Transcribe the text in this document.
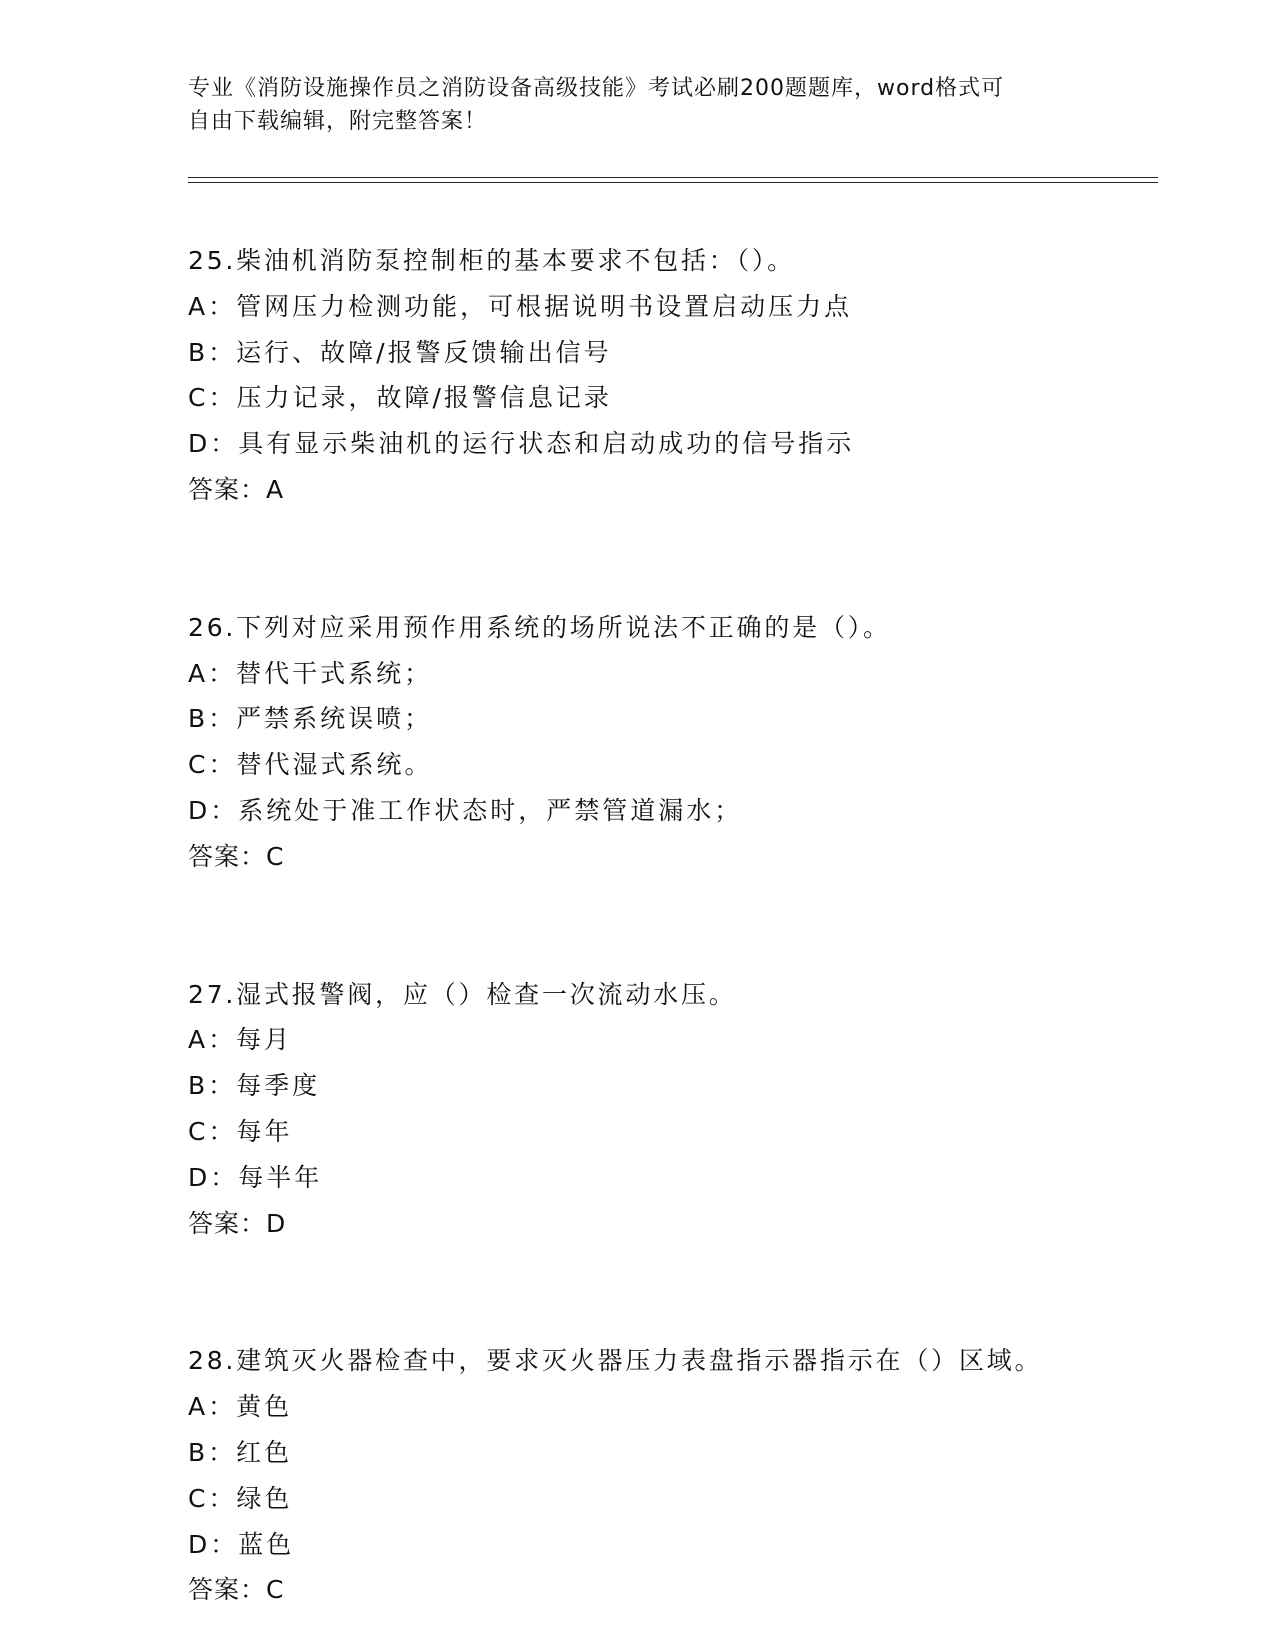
专业《消防设施操作员之消防设备高级技能》考试必刷200题题库，word格式可
自由下载编辑，附完整答案！
25.柴油机消防泵控制柜的基本要求不包括：（）。
A：管网压力检测功能，可根据说明书设置启动压力点
B：运行、故障/报警反馈输出信号
C：压力记录，故障/报警信息记录
D：具有显示柴油机的运行状态和启动成功的信号指示
答案：A
26.下列对应采用预作用系统的场所说法不正确的是（）。
A：替代干式系统；
B：严禁系统误喷；
C：替代湿式系统。
D：系统处于准工作状态时，严禁管道漏水；
答案：C
27.湿式报警阀，应（）检查一次流动水压。
A：每月
B：每季度
C：每年
D：每半年
答案：D
28.建筑灭火器检查中，要求灭火器压力表盘指示器指示在（）区域。
A：黄色
B：红色
C：绿色
D：蓝色
答案：C
